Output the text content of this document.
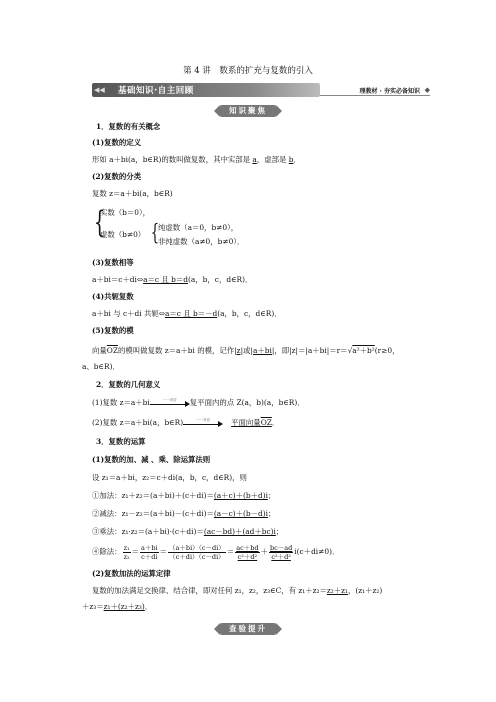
第 4 讲　数系的扩充与复数的引入
◀◀ 基础知识·自主回顾	理教材 · 夯实必备知识 ◆
知识聚焦
1．复数的有关概念
(1)复数的定义
形如 a＋bi(a，b∈R)的数叫做复数，其中实部是 a，虚部是 b．
(2)复数的分类
复数 z＝a＋bi(a，b∈R)
{
实数（b＝0），
虚数（b≠0） {
纯虚数（a＝0，b≠0），
非纯虚数（a≠0，b≠0）．
(3)复数相等
a＋bi＝c＋di⇔a＝c 且 b＝d(a，b，c，d∈R)．
(4)共轭复数
a＋bi 与 c＋di 共轭⇔a＝c 且 b＝－d(a，b，c，d∈R)．
(5)复数的模
向量$\overline{OZ}$的模叫做复数 z＝a＋bi 的模，记作|z|或|a＋bi|，即|z|＝|a＋bi|＝r＝√a²＋b²(r≥0，
a、b∈R)．
2．复数的几何意义
(1)复数 z＝a＋bi	一一对应	复平面内的点 Z(a，b)(a，b∈R)．
(2)复数 z＝a＋bi(a，b∈R)	一一对应	平面向量OZ．
3．复数的运算
(1)复数的加、减 、乘、除运算法则
设 z₁＝a＋bi，z₂＝c＋di(a，b，c，d∈R)，则
①加法：z₁＋z₂＝(a＋bi)＋(c＋di)＝(a＋c)＋(b＋d)i；
②减法：z₁－z₂＝(a＋bi)－(c＋di)＝(a－c)＋(b－d)i；
③乘法：z₁·z₂＝(a＋bi)·(c＋di)＝(ac－bd)＋(ad＋bc)i；
④除法： $\frac{\text{z₁}}{\text{z₂}} = \frac{a+bi}{c+di} = \frac{(a+bi)(c-di)}{(c+di)(c-di)} = \frac{ac+bd}{\text{c²＋d²}} + \frac{bc-ad}{\text{c²＋d²}} i(c+di\ne 0)$．
(2)复数加法的运算定律
复数的加法满足交换律、结合律，即对任何 z₁，z₂，z₃∈C，有 z₁＋z₂＝z₂＋z₁，(z₁＋z₂)
＋z₃＝z₁＋(z₂＋z₃)．
查验提升
